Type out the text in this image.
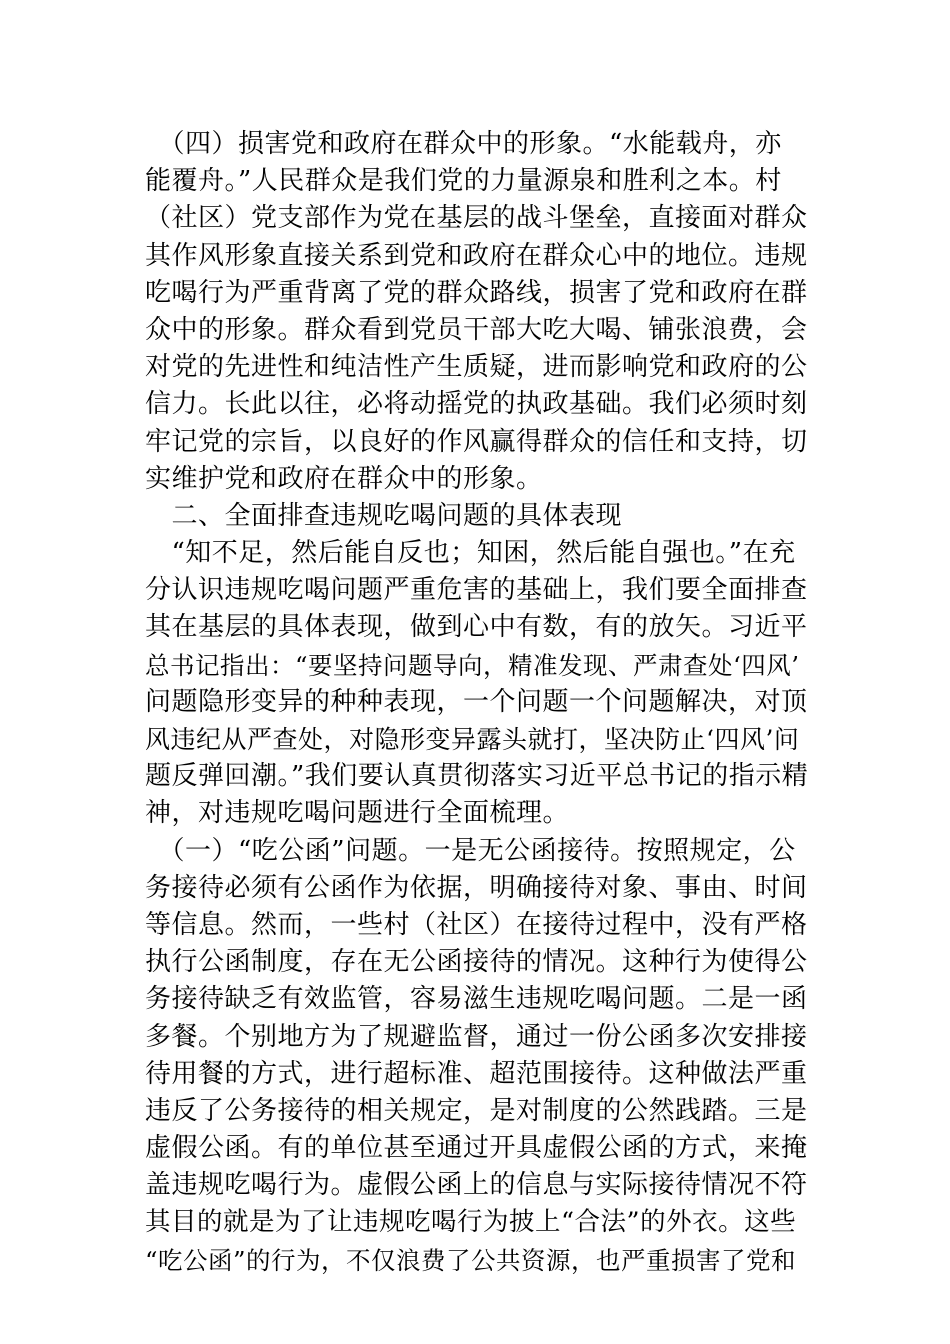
　（四）损害党和政府在群众中的形象。“水能载舟，亦
能覆舟。”人民群众是我们党的力量源泉和胜利之本。村
（社区）党支部作为党在基层的战斗堡垒，直接面对群众
其作风形象直接关系到党和政府在群众心中的地位。违规
吃喝行为严重背离了党的群众路线，损害了党和政府在群
众中的形象。群众看到党员干部大吃大喝、铺张浪费，会
对党的先进性和纯洁性产生质疑，进而影响党和政府的公
信力。长此以往，必将动摇党的执政基础。我们必须时刻
牢记党的宗旨，以良好的作风赢得群众的信任和支持，切
实维护党和政府在群众中的形象。
　二、全面排查违规吃喝问题的具体表现
　“知不足，然后能自反也；知困，然后能自强也。”在充
分认识违规吃喝问题严重危害的基础上，我们要全面排查
其在基层的具体表现，做到心中有数，有的放矢。习近平
总书记指出：“要坚持问题导向，精准发现、严肃查处‘四风’
问题隐形变异的种种表现，一个问题一个问题解决，对顶
风违纪从严查处，对隐形变异露头就打，坚决防止‘四风’问
题反弹回潮。”我们要认真贯彻落实习近平总书记的指示精
神，对违规吃喝问题进行全面梳理。
　（一）“吃公函”问题。一是无公函接待。按照规定，公
务接待必须有公函作为依据，明确接待对象、事由、时间
等信息。然而，一些村（社区）在接待过程中，没有严格
执行公函制度，存在无公函接待的情况。这种行为使得公
务接待缺乏有效监管，容易滋生违规吃喝问题。二是一函
多餐。个别地方为了规避监督，通过一份公函多次安排接
待用餐的方式，进行超标准、超范围接待。这种做法严重
违反了公务接待的相关规定，是对制度的公然践踏。三是
虚假公函。有的单位甚至通过开具虚假公函的方式，来掩
盖违规吃喝行为。虚假公函上的信息与实际接待情况不符
其目的就是为了让违规吃喝行为披上“合法”的外衣。这些
“吃公函”的行为，不仅浪费了公共资源，也严重损害了党和
